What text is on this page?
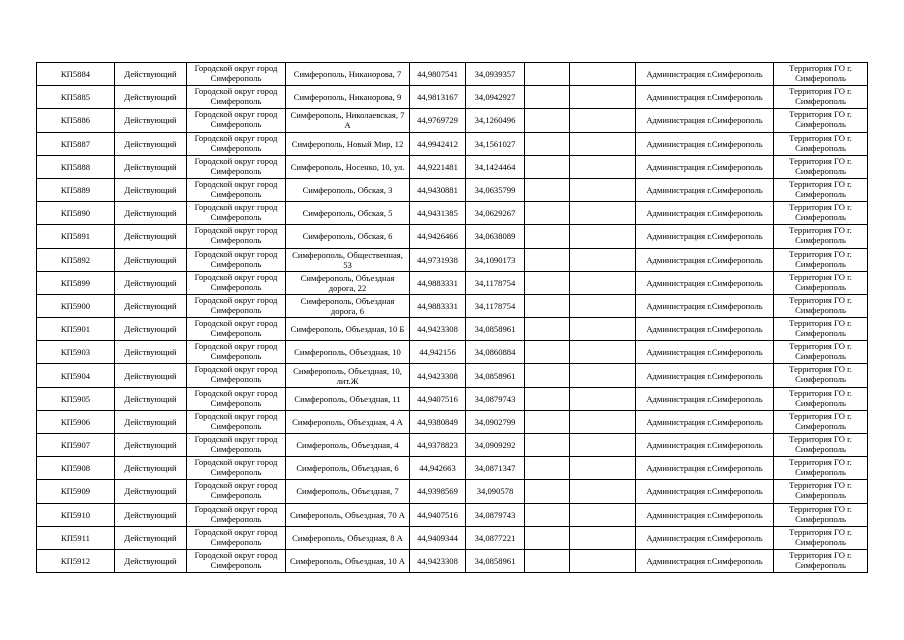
КП5884	Действующий	Городской округ город Симферополь	Симферополь, Никанорова, 7	44,9807541	34,0939357			Администрация г.Симферополь	Территория ГО г. Симферополь
КП5885	Действующий	Городской округ город Симферополь	Симферополь, Никанорова, 9	44,9813167	34,0942927			Администрация г.Симферополь	Территория ГО г. Симферополь
КП5886	Действующий	Городской округ город Симферополь	Симферополь, Николаевская, 7 А	44,9769729	34,1260496			Администрация г.Симферополь	Территория ГО г. Симферополь
КП5887	Действующий	Городской округ город Симферополь	Симферополь, Новый Мир, 12	44,9942412	34,1561027			Администрация г.Симферополь	Территория ГО г. Симферополь
КП5888	Действующий	Городской округ город Симферополь	Симферополь, Носенко, 10, ул.	44,9221481	34,1424464			Администрация г.Симферополь	Территория ГО г. Симферополь
КП5889	Действующий	Городской округ город Симферополь	Симферополь, Обская, 3	44,9430881	34,0635799			Администрация г.Симферополь	Территория ГО г. Симферополь
КП5890	Действующий	Городской округ город Симферополь	Симферополь, Обская, 5	44,9431385	34,0629267			Администрация г.Симферополь	Территория ГО г. Симферополь
КП5891	Действующий	Городской округ город Симферополь	Симферополь, Обская, 6	44,9426466	34,0638089			Администрация г.Симферополь	Территория ГО г. Симферополь
КП5892	Действующий	Городской округ город Симферополь	Симферополь, Общественная, 53	44,9731938	34,1090173			Администрация г.Симферополь	Территория ГО г. Симферополь
КП5899	Действующий	Городской округ город Симферополь	Симферополь, Объездная дорога, 22	44,9883331	34,1178754			Администрация г.Симферополь	Территория ГО г. Симферополь
КП5900	Действующий	Городской округ город Симферополь	Симферополь, Объездная дорога, 6	44,9883331	34,1178754			Администрация г.Симферополь	Территория ГО г. Симферополь
КП5901	Действующий	Городской округ город Симферополь	Симферополь, Объездная, 10 Б	44,9423308	34,0858961			Администрация г.Симферополь	Территория ГО г. Симферополь
КП5903	Действующий	Городской округ город Симферополь	Симферополь, Объездная, 10	44,942156	34,0860884			Администрация г.Симферополь	Территория ГО г. Симферополь
КП5904	Действующий	Городской округ город Симферополь	Симферополь, Объездная, 10, лит.Ж	44,9423308	34,0858961			Администрация г.Симферополь	Территория ГО г. Симферополь
КП5905	Действующий	Городской округ город Симферополь	Симферополь, Объездная, 11	44,9407516	34,0879743			Администрация г.Симферополь	Территория ГО г. Симферополь
КП5906	Действующий	Городской округ город Симферополь	Симферополь, Объездная, 4 А	44,9380849	34,0902799			Администрация г.Симферополь	Территория ГО г. Симферополь
КП5907	Действующий	Городской округ город Симферополь	Симферополь, Объездная, 4	44,9378823	34,0909292			Администрация г.Симферополь	Территория ГО г. Симферополь
КП5908	Действующий	Городской округ город Симферополь	Симферополь, Объездная, 6	44,942663	34,0871347			Администрация г.Симферополь	Территория ГО г. Симферополь
КП5909	Действующий	Городской округ город Симферополь	Симферополь, Объездная, 7	44,9398569	34,090578			Администрация г.Симферополь	Территория ГО г. Симферополь
КП5910	Действующий	Городской округ город Симферополь	Симферополь, Объездная, 70 А	44,9407516	34,0879743			Администрация г.Симферополь	Территория ГО г. Симферополь
КП5911	Действующий	Городской округ город Симферополь	Симферополь, Объездная, 8 А	44,9409344	34,0877221			Администрация г.Симферополь	Территория ГО г. Симферополь
КП5912	Действующий	Городской округ город Симферополь	Симферополь, Объездная, 10 А	44,9423308	34,0858961			Администрация г.Симферополь	Территория ГО г. Симферополь
